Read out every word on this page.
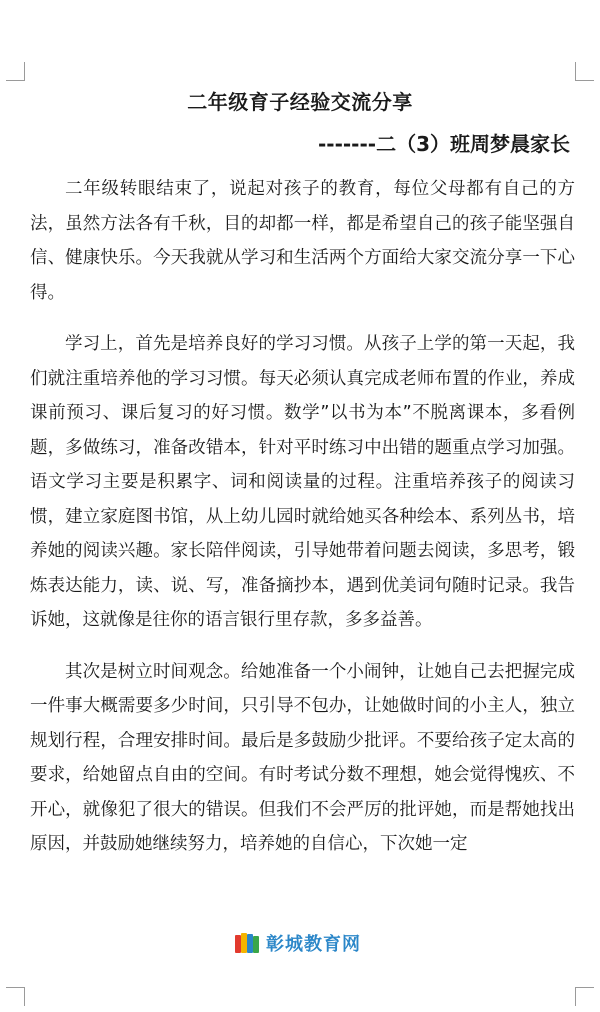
二年级育子经验交流分享
-------二（3）班周梦晨家长

二年级转眼结束了，说起对孩子的教育，每位父母都有自己的方法，虽然方法各有千秋，目的却都一样，都是希望自己的孩子能坚强自信、健康快乐。今天我就从学习和生活两个方面给大家交流分享一下心得。

学习上，首先是培养良好的学习习惯。从孩子上学的第一天起，我们就注重培养他的学习习惯。每天必须认真完成老师布置的作业，养成课前预习、课后复习的好习惯。数学”以书为本”不脱离课本，多看例题，多做练习，准备改错本，针对平时练习中出错的题重点学习加强。语文学习主要是积累字、词和阅读量的过程。注重培养孩子的阅读习惯，建立家庭图书馆，从上幼儿园时就给她买各种绘本、系列丛书，培养她的阅读兴趣。家长陪伴阅读，引导她带着问题去阅读，多思考，锻炼表达能力，读、说、写，准备摘抄本，遇到优美词句随时记录。我告诉她，这就像是往你的语言银行里存款，多多益善。

其次是树立时间观念。给她准备一个小闹钟，让她自己去把握完成一件事大概需要多少时间，只引导不包办，让她做时间的小主人，独立规划行程，合理安排时间。最后是多鼓励少批评。不要给孩子定太高的要求，给她留点自由的空间。有时考试分数不理想，她会觉得愧疚、不开心，就像犯了很大的错误。但我们不会严厉的批评她，而是帮她找出原因，并鼓励她继续努力，培养她的自信心，下次她一定

彰城教育网
